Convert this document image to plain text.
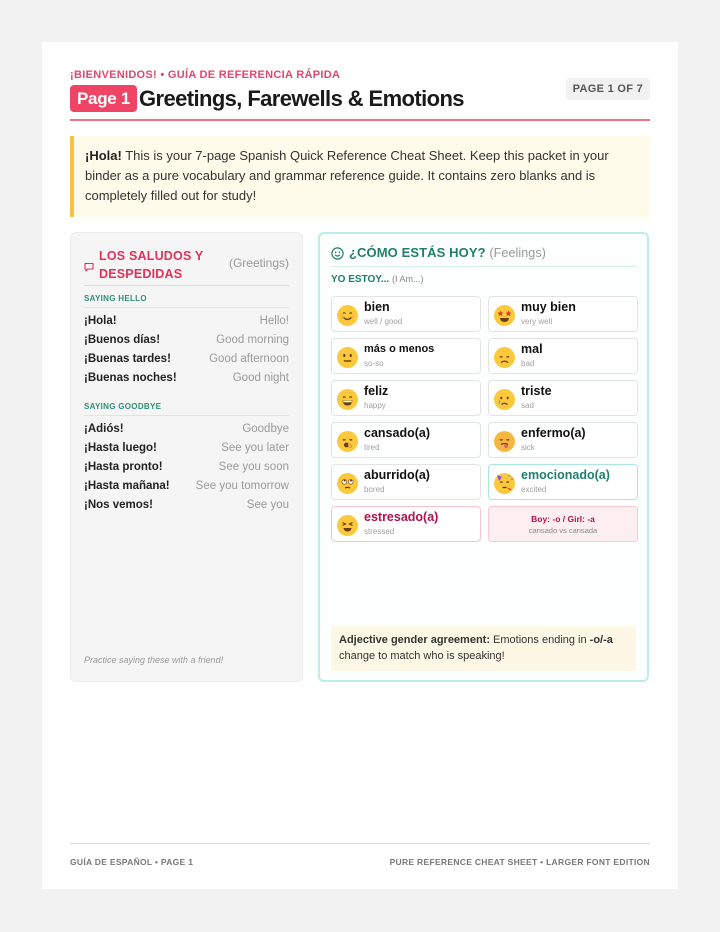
¡BIENVENIDOS! • GUÍA DE REFERENCIA RÁPIDA
Page 1 Greetings, Farewells & Emotions	PAGE 1 OF 7
¡Hola! This is your 7-page Spanish Quick Reference Cheat Sheet. Keep this packet in your binder as a pure vocabulary and grammar reference guide. It contains zero blanks and is completely filled out for study!
LOS SALUDOS Y DESPEDIDAS
(Greetings)
SAYING HELLO
¡Hola!	Hello!
¡Buenos días!	Good morning
¡Buenas tardes!	Good afternoon
¡Buenas noches!	Good night
SAYING GOODBYE
¡Adiós!	Goodbye
¡Hasta luego!	See you later
¡Hasta pronto!	See you soon
¡Hasta mañana! See you tomorrow
¡Nos vemos!	See you
Practice saying these with a friend!
¿CÓMO ESTÁS HOY? (Feelings)
YO ESTOY... (I Am...)
bien
well / good
muy bien
very well
más o menos
so-so
mal
bad
feliz
happy
triste
sad
cansado(a)
tired
enfermo(a)
sick
aburrido(a)
bored
emocionado(a)
excited
estresado(a)
stressed
Boy: -o / Girl: -a
cansado vs cansada
Adjective gender agreement: Emotions ending in -o/-a change to match who is speaking!
GUÍA DE ESPAÑOL • PAGE 1	PURE REFERENCE CHEAT SHEET • LARGER FONT EDITION
